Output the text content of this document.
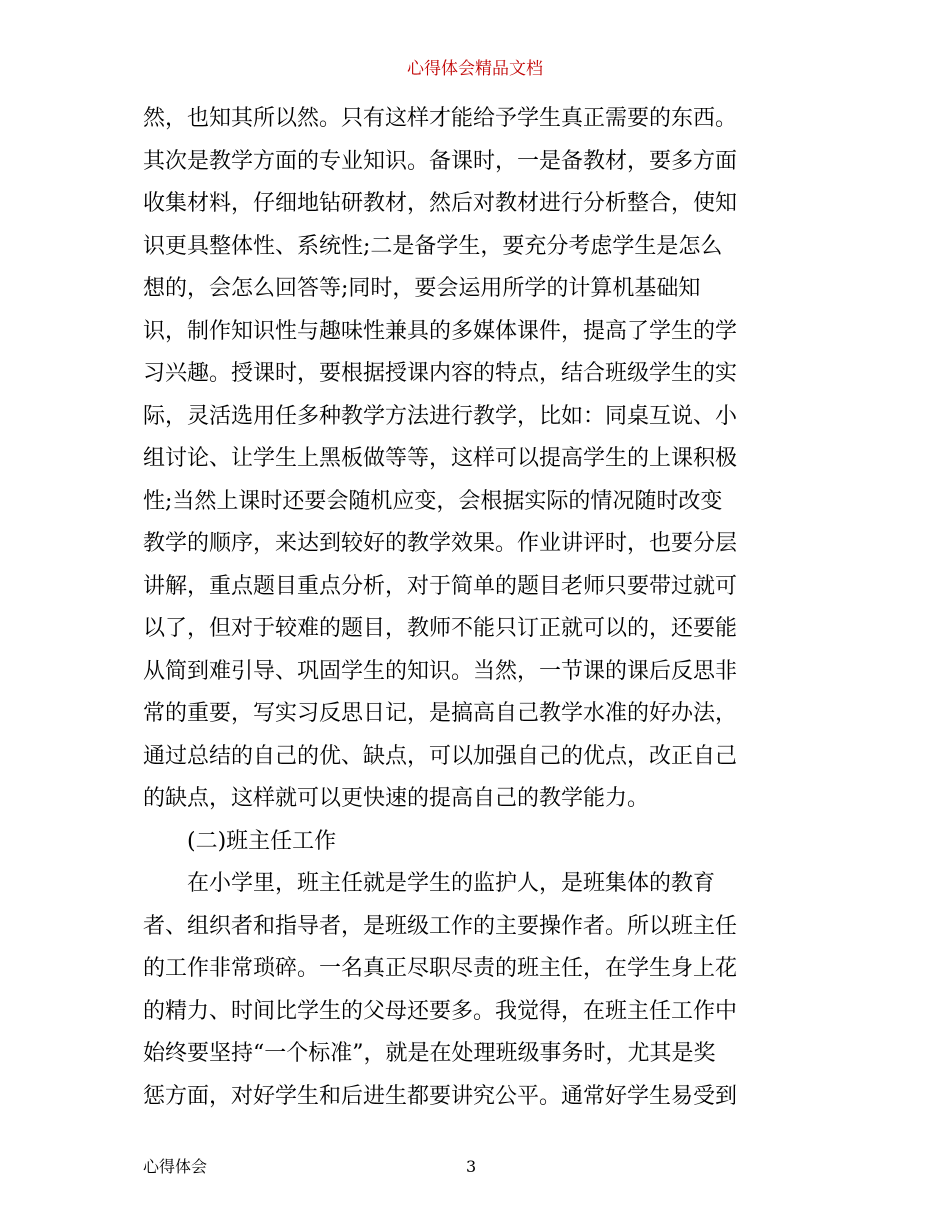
心得体会精品文档
然，也知其所以然。只有这样才能给予学生真正需要的东西。
其次是教学方面的专业知识。备课时，一是备教材，要多方面
收集材料，仔细地钻研教材，然后对教材进行分析整合，使知
识更具整体性、系统性;二是备学生，要充分考虑学生是怎么
想的，会怎么回答等;同时，要会运用所学的计算机基础知
识，制作知识性与趣味性兼具的多媒体课件，提高了学生的学
习兴趣。授课时，要根据授课内容的特点，结合班级学生的实
际，灵活选用任多种教学方法进行教学，比如：同桌互说、小
组讨论、让学生上黑板做等等，这样可以提高学生的上课积极
性;当然上课时还要会随机应变，会根据实际的情况随时改变
教学的顺序，来达到较好的教学效果。作业讲评时，也要分层
讲解，重点题目重点分析，对于简单的题目老师只要带过就可
以了，但对于较难的题目，教师不能只订正就可以的，还要能
从简到难引导、巩固学生的知识。当然，一节课的课后反思非
常的重要，写实习反思日记，是搞高自己教学水准的好办法，
通过总结的自己的优、缺点，可以加强自己的优点，改正自己
的缺点，这样就可以更快速的提高自己的教学能力。
(二)班主任工作
在小学里，班主任就是学生的监护人，是班集体的教育
者、组织者和指导者，是班级工作的主要操作者。所以班主任
的工作非常琐碎。一名真正尽职尽责的班主任，在学生身上花
的精力、时间比学生的父母还要多。我觉得，在班主任工作中
始终要坚持“一个标准”，就是在处理班级事务时，尤其是奖
惩方面，对好学生和后进生都要讲究公平。通常好学生易受到
心得体会	3
